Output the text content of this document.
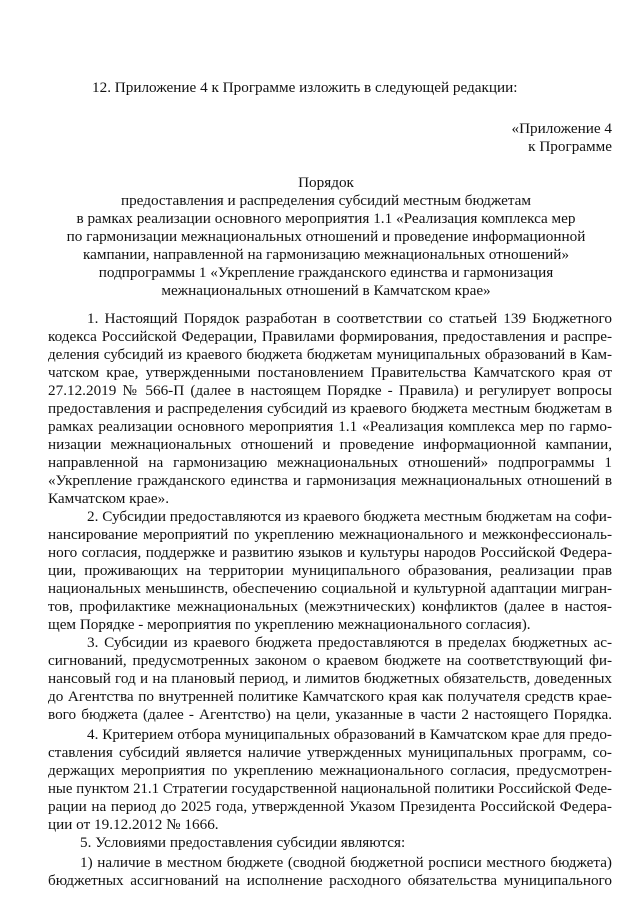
12. Приложение 4 к Программе изложить в следующей редакции:
«Приложение 4
к Программе
Порядок
предоставления и распределения субсидий местным бюджетам
в рамках реализации основного мероприятия 1.1 «Реализация комплекса мер
по гармонизации межнациональных отношений и проведение информационной
кампании, направленной на гармонизацию межнациональных отношений»
подпрограммы 1 «Укрепление гражданского единства и гармонизация
межнациональных отношений в Камчатском крае»
1. Настоящий Порядок разработан в соответствии со статьей 139 Бюджетного
кодекса Российской Федерации, Правилами формирования, предоставления и распре-
деления субсидий из краевого бюджета бюджетам муниципальных образований в Кам-
чатском крае, утвержденными постановлением Правительства Камчатского края от
27.12.2019 № 566-П (далее в настоящем Порядке - Правила) и регулирует вопросы
предоставления и распределения субсидий из краевого бюджета местным бюджетам в
рамках реализации основного мероприятия 1.1 «Реализация комплекса мер по гармо-
низации межнациональных отношений и проведение информационной кампании,
направленной на гармонизацию межнациональных отношений» подпрограммы 1
«Укрепление гражданского единства и гармонизация межнациональных отношений в
Камчатском крае».
2. Субсидии предоставляются из краевого бюджета местным бюджетам на софи-
нансирование мероприятий по укреплению межнационального и межконфессиональ-
ного согласия, поддержке и развитию языков и культуры народов Российской Федера-
ции, проживающих на территории муниципального образования, реализации прав
национальных меньшинств, обеспечению социальной и культурной адаптации мигран-
тов, профилактике межнациональных (межэтнических) конфликтов (далее в настоя-
щем Порядке - мероприятия по укреплению межнационального согласия).
3. Субсидии из краевого бюджета предоставляются в пределах бюджетных ас-
сигнований, предусмотренных законом о краевом бюджете на соответствующий фи-
нансовый год и на плановый период, и лимитов бюджетных обязательств, доведенных
до Агентства по внутренней политике Камчатского края как получателя средств крае-
вого бюджета (далее - Агентство) на цели, указанные в части 2 настоящего Порядка.
4. Критерием отбора муниципальных образований в Камчатском крае для предо-
ставления субсидий является наличие утвержденных муниципальных программ, со-
держащих мероприятия по укреплению межнационального согласия, предусмотрен-
ные пунктом 21.1 Стратегии государственной национальной политики Российской Феде-
рации на период до 2025 года, утвержденной Указом Президента Российской Федера-
ции от 19.12.2012 № 1666.
5. Условиями предоставления субсидии являются:
1) наличие в местном бюджете (сводной бюджетной росписи местного бюджета)
бюджетных ассигнований на исполнение расходного обязательства муниципального
